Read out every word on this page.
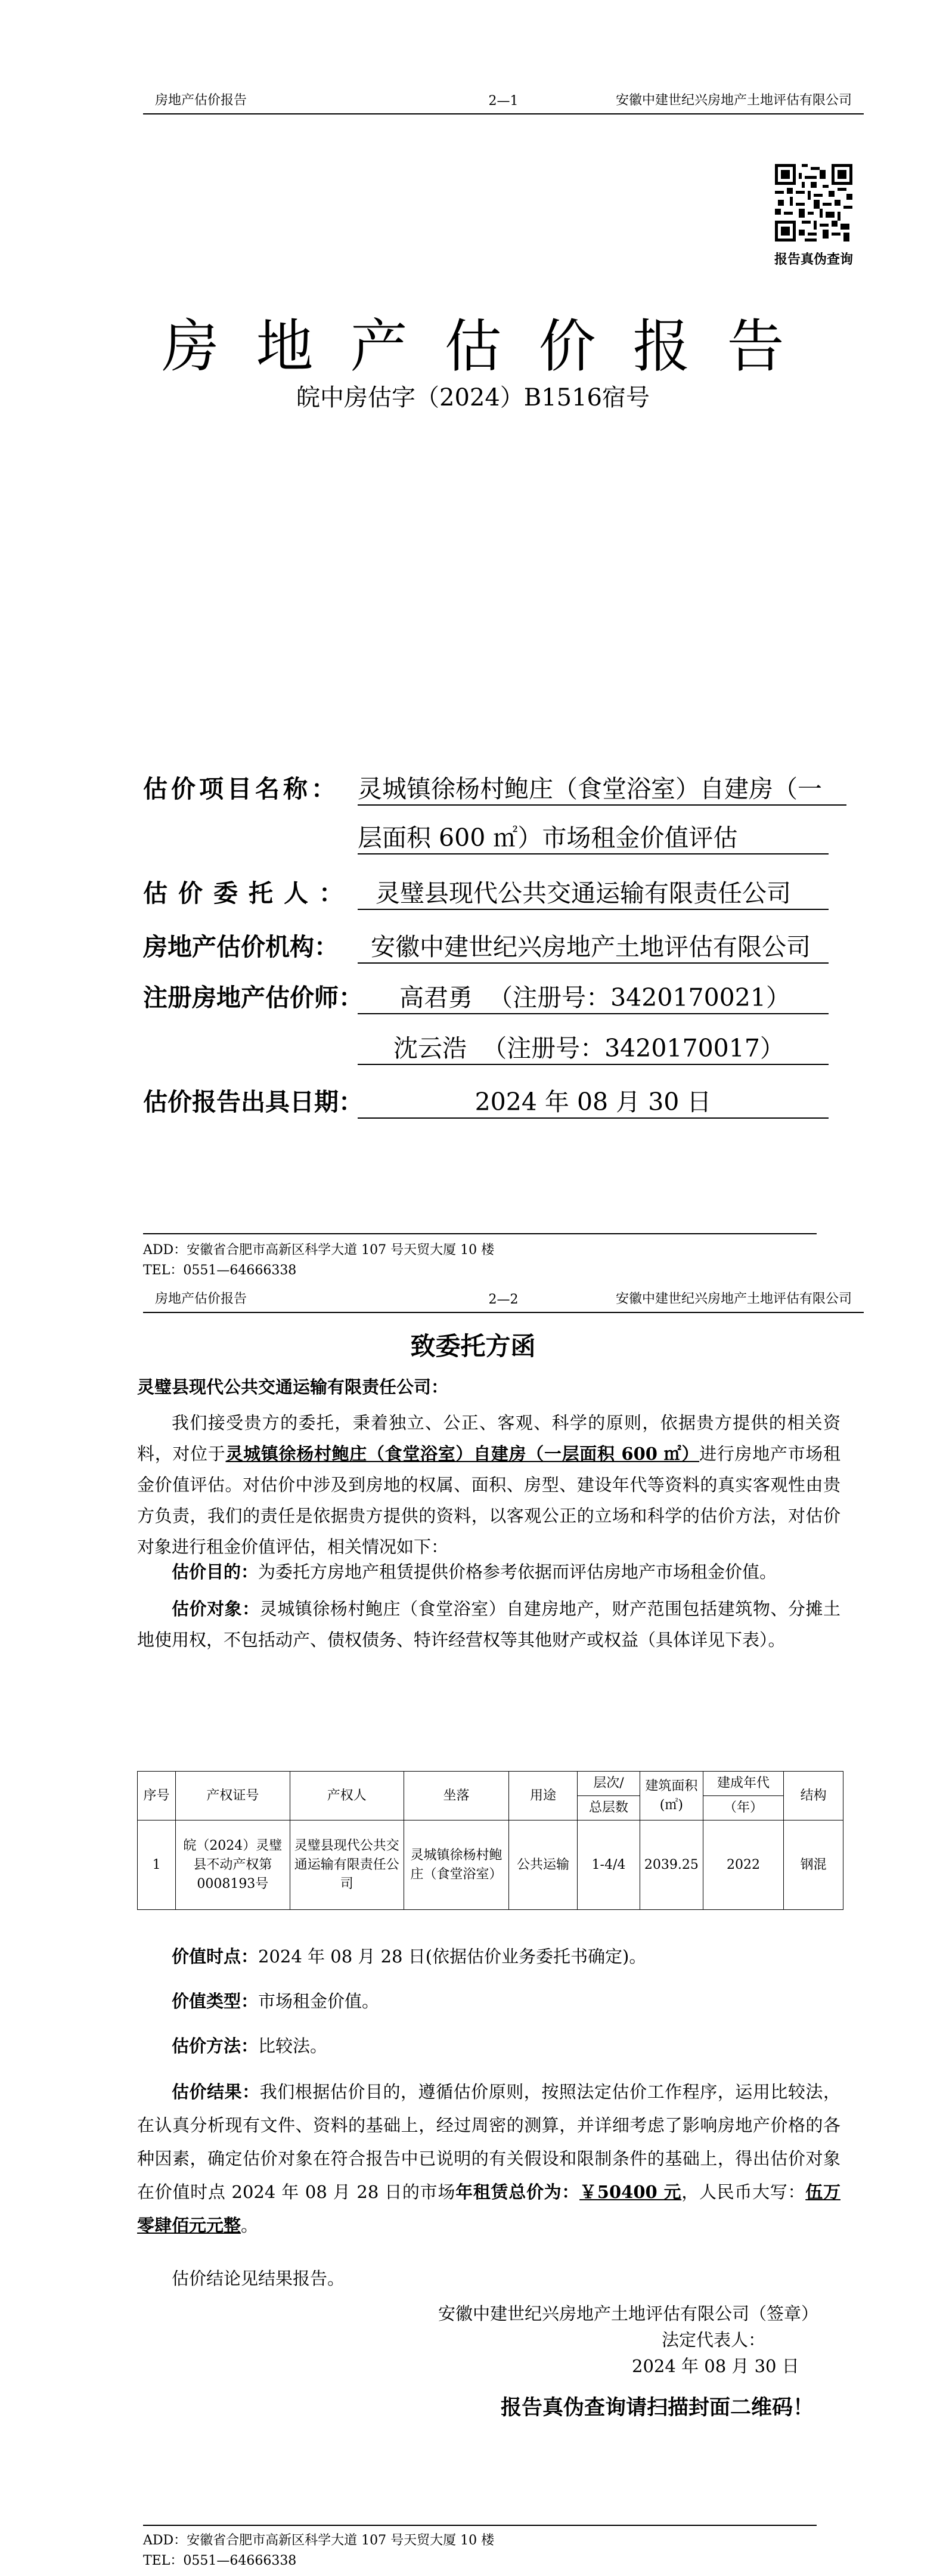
房地产估价报告	2—1	安徽中建世纪兴房地产土地评估有限公司
报告真伪查询
房地产估价报告
皖中房估字（2024）B1516宿号
估价项目名称： 灵城镇徐杨村鲍庄（食堂浴室）自建房（一
层面积 600 ㎡）市场租金价值评估
估价委托人： 灵璧县现代公共交通运输有限责任公司
房地产估价机构：	安徽中建世纪兴房地产土地评估有限公司
注册房地产估价师：	高君勇  （注册号：3420170021）
沈云浩  （注册号：3420170017）
估价报告出具日期：	2024 年 08 月 30 日
ADD：安徽省合肥市高新区科学大道 107 号天贸大厦 10 楼
TEL：0551—64666338
房地产估价报告	2—2	安徽中建世纪兴房地产土地评估有限公司
致委托方函
灵璧县现代公共交通运输有限责任公司：
我们接受贵方的委托，秉着独立、公正、客观、科学的原则，依据贵方提供的相关资料，对位于灵城镇徐杨村鲍庄（食堂浴室）自建房（一层面积 600 ㎡）进行房地产市场租金价值评估。对估价中涉及到房地的权属、面积、房型、建设年代等资料的真实客观性由贵方负责，我们的责任是依据贵方提供的资料，以客观公正的立场和科学的估价方法，对估价对象进行租金价值评估，相关情况如下：
估价目的：为委托方房地产租赁提供价格参考依据而评估房地产市场租金价值。
估价对象：灵城镇徐杨村鲍庄（食堂浴室）自建房地产，财产范围包括建筑物、分摊土地使用权，不包括动产、债权债务、特许经营权等其他财产或权益（具体详见下表）。
序号	产权证号	产权人	坐落	用途	层次/	建筑面积(㎡)	建成年代	结构
					总层数		（年）	
1	皖（2024）灵璧县不动产权第0008193号	灵璧县现代公共交通运输有限责任公司	灵城镇徐杨村鲍庄（食堂浴室）	公共运输	1-4/4	2039.25	2022	钢混
价值时点：2024 年 08 月 28 日(依据估价业务委托书确定)。
价值类型：市场租金价值。
估价方法：比较法。
估价结果：我们根据估价目的，遵循估价原则，按照法定估价工作程序，运用比较法，在认真分析现有文件、资料的基础上，经过周密的测算，并详细考虑了影响房地产价格的各种因素，确定估价对象在符合报告中已说明的有关假设和限制条件的基础上，得出估价对象在价值时点 2024 年 08 月 28 日的市场年租赁总价为：￥50400 元，人民币大写：伍万零肆佰元元整。
估价结论见结果报告。
安徽中建世纪兴房地产土地评估有限公司（签章）
法定代表人：
2024 年 08 月 30 日
报告真伪查询请扫描封面二维码！
ADD：安徽省合肥市高新区科学大道 107 号天贸大厦 10 楼
TEL：0551—64666338
